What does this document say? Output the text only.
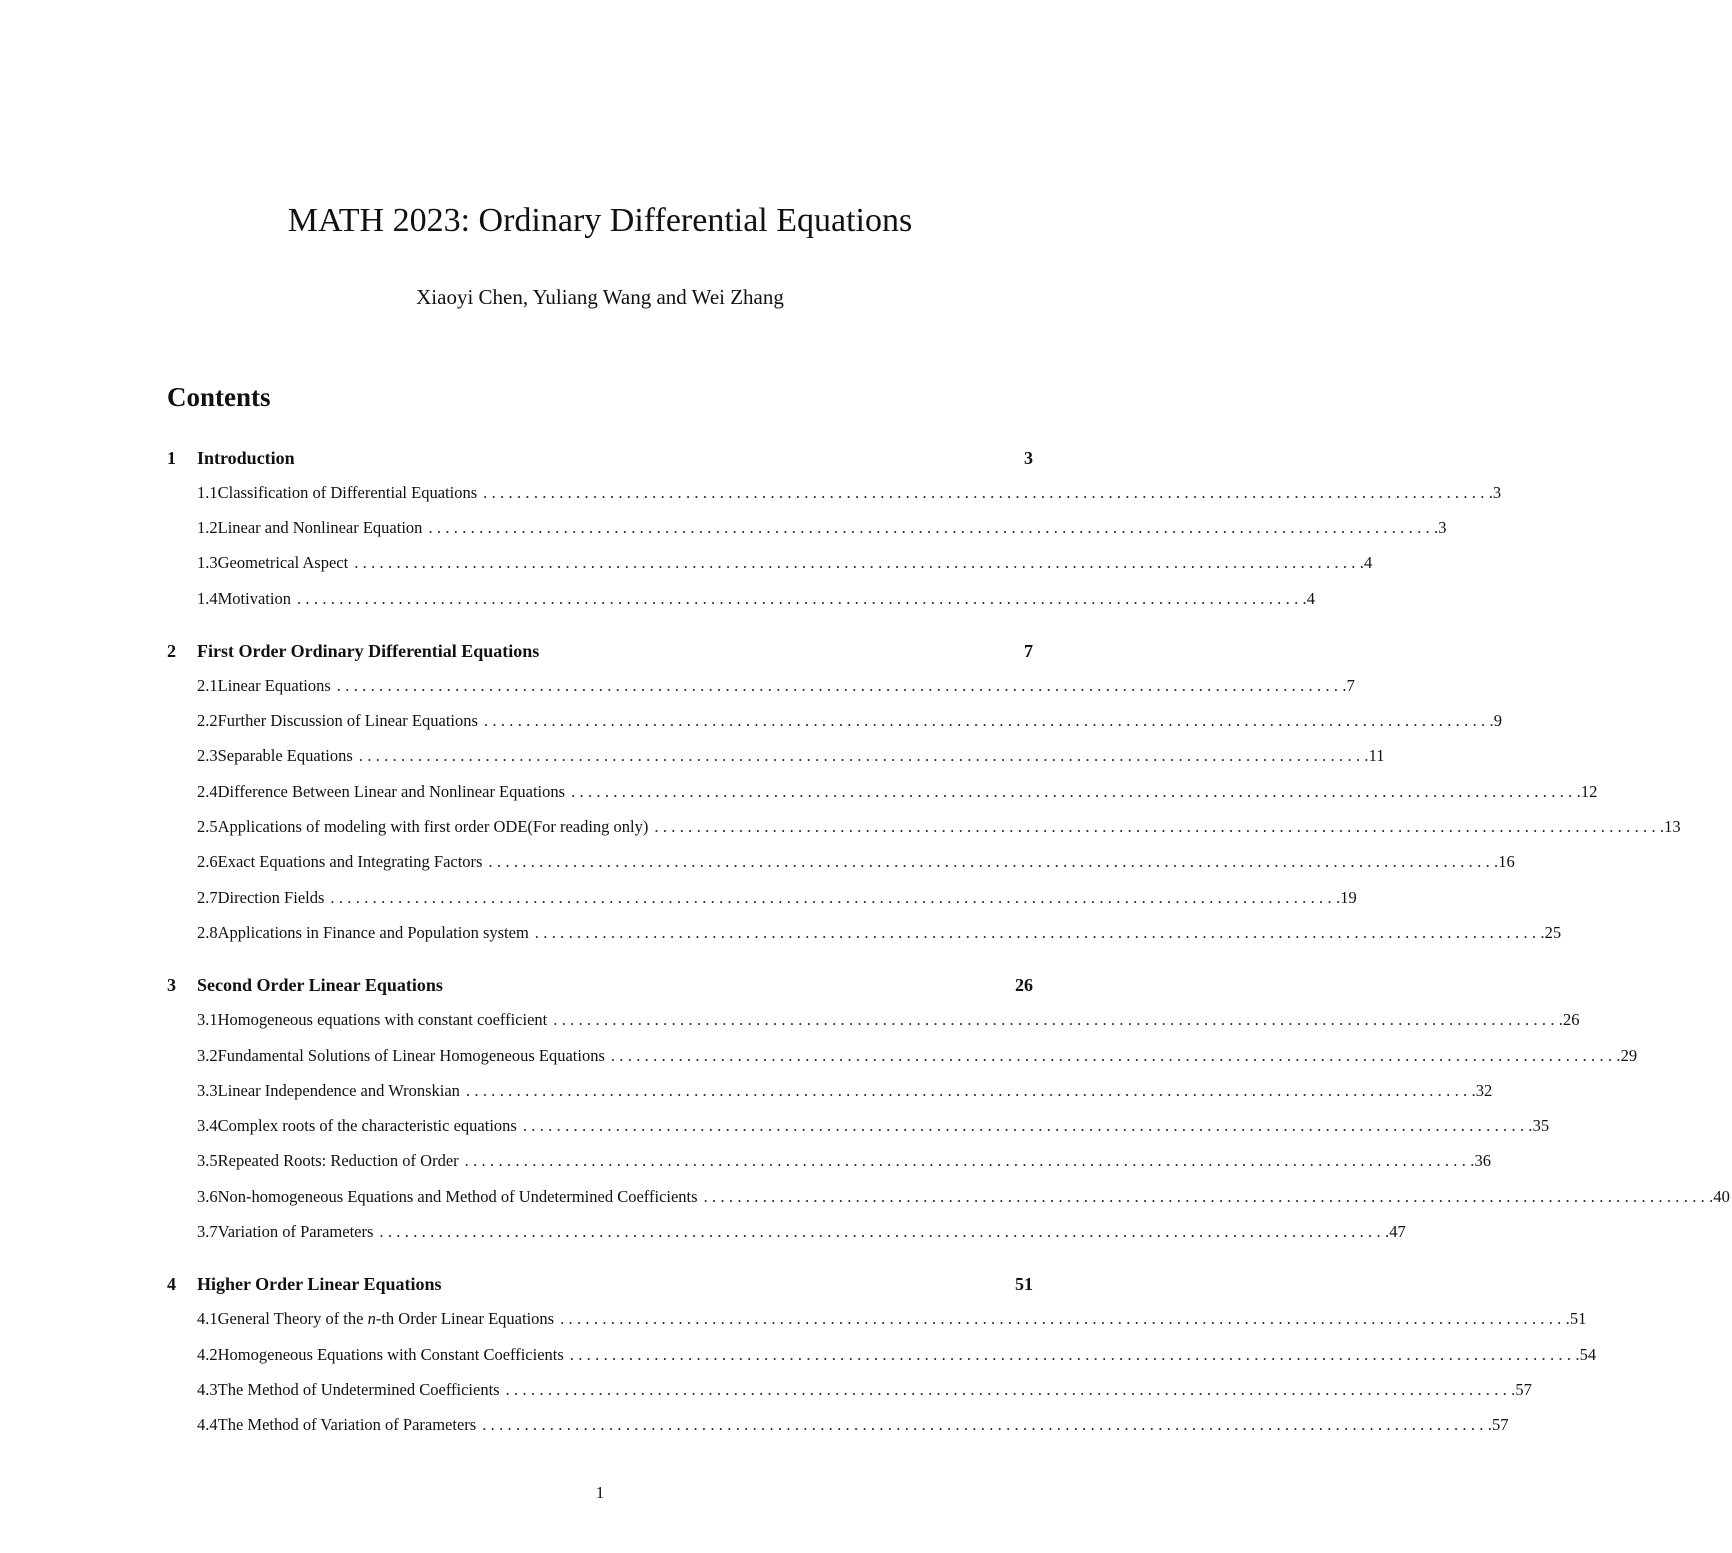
MATH 2023: Ordinary Differential Equations
Xiaoyi Chen, Yuliang Wang and Wei Zhang
Contents
1	Introduction	3
1.1 Classification of Differential Equations . . . . . . . . . . . . . . . . . . . . . . . . . . . . . . . . . . . . . . . . . . . . . . . . . . . . . . . . . . . . . . . . . . . . . . . . . . . . . . . . . . . . . . . . . . . . . . . . . . . . . . . . . . . . . . . . . . . . . . . . 3
1.2 Linear and Nonlinear Equation . . . . . . . . . . . . . . . . . . . . . . . . . . . . . . . . . . . . . . . . . . . . . . . . . . . . . . . . . . . . . . . . . . . . . . . . . . . . . . . . . . . . . . . . . . . . . . . . . . . . . . . . . . . . . . . . . . . . . . . . 3
1.3 Geometrical Aspect . . . . . . . . . . . . . . . . . . . . . . . . . . . . . . . . . . . . . . . . . . . . . . . . . . . . . . . . . . . . . . . . . . . . . . . . . . . . . . . . . . . . . . . . . . . . . . . . . . . . . . . . . . . . . . . . . . . . . . . . 4
1.4 Motivation . . . . . . . . . . . . . . . . . . . . . . . . . . . . . . . . . . . . . . . . . . . . . . . . . . . . . . . . . . . . . . . . . . . . . . . . . . . . . . . . . . . . . . . . . . . . . . . . . . . . . . . . . . . . . . . . . . . . . . . . 4
2	First Order Ordinary Differential Equations	7
2.1 Linear Equations . . . . . . . . . . . . . . . . . . . . . . . . . . . . . . . . . . . . . . . . . . . . . . . . . . . . . . . . . . . . . . . . . . . . . . . . . . . . . . . . . . . . . . . . . . . . . . . . . . . . . . . . . . . . . . . . . . . . . . . . 7
2.2 Further Discussion of Linear Equations . . . . . . . . . . . . . . . . . . . . . . . . . . . . . . . . . . . . . . . . . . . . . . . . . . . . . . . . . . . . . . . . . . . . . . . . . . . . . . . . . . . . . . . . . . . . . . . . . . . . . . . . . . . . . . . . . . . . . . . . 9
2.3 Separable Equations . . . . . . . . . . . . . . . . . . . . . . . . . . . . . . . . . . . . . . . . . . . . . . . . . . . . . . . . . . . . . . . . . . . . . . . . . . . . . . . . . . . . . . . . . . . . . . . . . . . . . . . . . . . . . . . . . . . . . . . . 11
2.4 Difference Between Linear and Nonlinear Equations . . . . . . . . . . . . . . . . . . . . . . . . . . . . . . . . . . . . . . . . . . . . . . . . . . . . . . . . . . . . . . . . . . . . . . . . . . . . . . . . . . . . . . . . . . . . . . . . . . . . . . . . . . . . . . . . . . . . . . . . 12
2.5 Applications of modeling with first order ODE(For reading only) . . . . . . . . . . . . . . . . . . . . . . . . . . . . . . . . . . . . . . . . . . . . . . . . . . . . . . . . . . . . . . . . . . . . . . . . . . . . . . . . . . . . . . . . . . . . . . . . . . . . . . . . . . . . . . . . . . . . . . . . 13
2.6 Exact Equations and Integrating Factors . . . . . . . . . . . . . . . . . . . . . . . . . . . . . . . . . . . . . . . . . . . . . . . . . . . . . . . . . . . . . . . . . . . . . . . . . . . . . . . . . . . . . . . . . . . . . . . . . . . . . . . . . . . . . . . . . . . . . . . . 16
2.7 Direction Fields . . . . . . . . . . . . . . . . . . . . . . . . . . . . . . . . . . . . . . . . . . . . . . . . . . . . . . . . . . . . . . . . . . . . . . . . . . . . . . . . . . . . . . . . . . . . . . . . . . . . . . . . . . . . . . . . . . . . . . . . 19
2.8 Applications in Finance and Population system . . . . . . . . . . . . . . . . . . . . . . . . . . . . . . . . . . . . . . . . . . . . . . . . . . . . . . . . . . . . . . . . . . . . . . . . . . . . . . . . . . . . . . . . . . . . . . . . . . . . . . . . . . . . . . . . . . . . . . . . 25
3	Second Order Linear Equations	26
3.1 Homogeneous equations with constant coefficient . . . . . . . . . . . . . . . . . . . . . . . . . . . . . . . . . . . . . . . . . . . . . . . . . . . . . . . . . . . . . . . . . . . . . . . . . . . . . . . . . . . . . . . . . . . . . . . . . . . . . . . . . . . . . . . . . . . . . . . . 26
3.2 Fundamental Solutions of Linear Homogeneous Equations . . . . . . . . . . . . . . . . . . . . . . . . . . . . . . . . . . . . . . . . . . . . . . . . . . . . . . . . . . . . . . . . . . . . . . . . . . . . . . . . . . . . . . . . . . . . . . . . . . . . . . . . . . . . . . . . . . . . . . . . 29
3.3 Linear Independence and Wronskian . . . . . . . . . . . . . . . . . . . . . . . . . . . . . . . . . . . . . . . . . . . . . . . . . . . . . . . . . . . . . . . . . . . . . . . . . . . . . . . . . . . . . . . . . . . . . . . . . . . . . . . . . . . . . . . . . . . . . . . . 32
3.4 Complex roots of the characteristic equations . . . . . . . . . . . . . . . . . . . . . . . . . . . . . . . . . . . . . . . . . . . . . . . . . . . . . . . . . . . . . . . . . . . . . . . . . . . . . . . . . . . . . . . . . . . . . . . . . . . . . . . . . . . . . . . . . . . . . . . . 35
3.5 Repeated Roots: Reduction of Order . . . . . . . . . . . . . . . . . . . . . . . . . . . . . . . . . . . . . . . . . . . . . . . . . . . . . . . . . . . . . . . . . . . . . . . . . . . . . . . . . . . . . . . . . . . . . . . . . . . . . . . . . . . . . . . . . . . . . . . . 36
3.6 Non-homogeneous Equations and Method of Undetermined Coefficients . . . . . . . . . . . . . . . . . . . . . . . . . . . . . . . . . . . . . . . . . . . . . . . . . . . . . . . . . . . . . . . . . . . . . . . . . . . . . . . . . . . . . . . . . . . . . . . . . . . . . . . . . . . . . . . . . . . . . . . . 40
3.7 Variation of Parameters . . . . . . . . . . . . . . . . . . . . . . . . . . . . . . . . . . . . . . . . . . . . . . . . . . . . . . . . . . . . . . . . . . . . . . . . . . . . . . . . . . . . . . . . . . . . . . . . . . . . . . . . . . . . . . . . . . . . . . . . 47
4	Higher Order Linear Equations	51
4.1 General Theory of the n-th Order Linear Equations . . . . . . . . . . . . . . . . . . . . . . . . . . . . . . . . . . . . . . . . . . . . . . . . . . . . . . . . . . . . . . . . . . . . . . . . . . . . . . . . . . . . . . . . . . . . . . . . . . . . . . . . . . . . . . . . . . . . . . . . 51
4.2 Homogeneous Equations with Constant Coefficients . . . . . . . . . . . . . . . . . . . . . . . . . . . . . . . . . . . . . . . . . . . . . . . . . . . . . . . . . . . . . . . . . . . . . . . . . . . . . . . . . . . . . . . . . . . . . . . . . . . . . . . . . . . . . . . . . . . . . . . . 54
4.3 The Method of Undetermined Coefficients . . . . . . . . . . . . . . . . . . . . . . . . . . . . . . . . . . . . . . . . . . . . . . . . . . . . . . . . . . . . . . . . . . . . . . . . . . . . . . . . . . . . . . . . . . . . . . . . . . . . . . . . . . . . . . . . . . . . . . . . 57
4.4 The Method of Variation of Parameters . . . . . . . . . . . . . . . . . . . . . . . . . . . . . . . . . . . . . . . . . . . . . . . . . . . . . . . . . . . . . . . . . . . . . . . . . . . . . . . . . . . . . . . . . . . . . . . . . . . . . . . . . . . . . . . . . . . . . . . . 57
1
